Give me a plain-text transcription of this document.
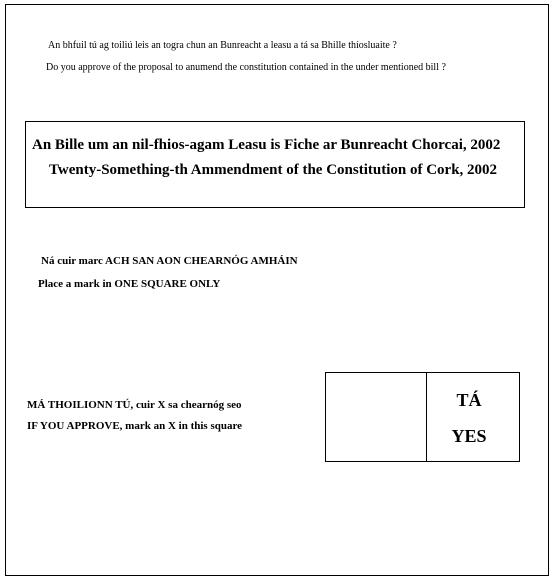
An bhfuil tú ag toiliú leis an togra chun an Bunreacht a leasu a tá sa Bhille thíosluaite ?
Do you approve of the proposal to anumend the constitution contained in the under mentioned bill ?
An Bille um an nil-fhios-agam Leasu is Fiche ar Bunreacht Chorcai, 2002
Twenty-Something-th Ammendment of the Constitution of Cork, 2002
Ná cuir marc ACH SAN AON CHEARNÓG AMHÁIN
Place a mark in ONE SQUARE ONLY
MÁ THOILIONN TÚ, cuir X sa chearnóg seo
IF YOU APPROVE, mark an X in this square
TÁ
YES
